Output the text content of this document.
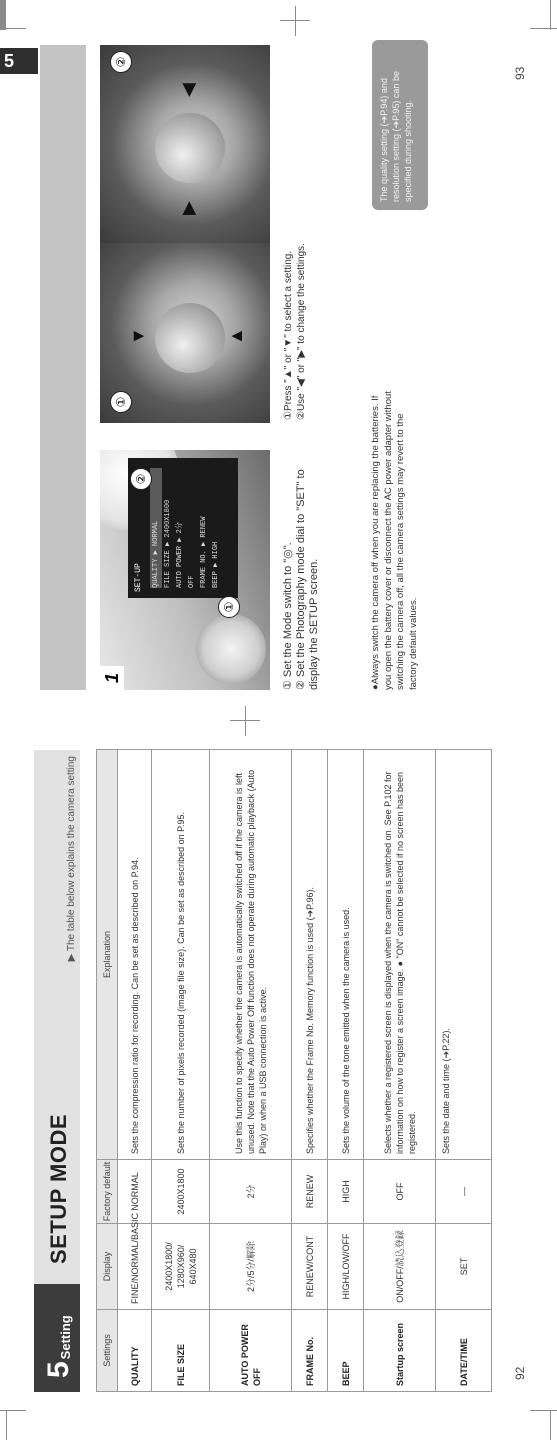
5
Setting
SETUP MODE
▶ The table below explains the camera setting
Settings	Display	Factory default	Explanation
QUALITY	FINE/NORMAL/BASIC	NORMAL	Sets the compression ratio for recording. Can be set as described on P.94.
FILE SIZE	2400X1800/ 1280X960/ 640X480	2400X1800	Sets the number of pixels recorded (image file size). Can be set as described on P.95.
AUTO POWER OFF	2分/5分/解除	2分	Use this function to specify whether the camera is automatically switched off if the camera is left unused. Note that the Auto Power Off function does not operate during automatic playback (Auto Play) or when a USB connection is active.
FRAME No.	RENEW/CONT	RENEW	Specifies whether the Frame No. Memory function is used (➔P.96).
BEEP	HIGH/LOW/OFF	HIGH	Sets the volume of the tone emitted when the camera is used.
Startup screen	ON/OFF/読込登録	OFF	Selects whether a registered screen is displayed when the camera is switched on. See P.102 for information on how to register a screen image. ● "ON" cannot be selected if no screen has been registered.
DATE/TIME	SET	—	Sets the date and time (➔P.22).
92
5
1
SET-UP QUALITY ▶ NORMAL FILE SIZE ▶ 2400X1800 AUTO POWER ▶ 2分 OFF FRAME NO. ▶ RENEW BEEP ▶ HIGH
①
②
①
▼	▲
②
▶
◀
① Set the Mode switch to "◎". ② Set the Photography mode dial to "SET" to display the SETUP screen.
①Press "▲" or "▼" to select a setting. ②Use "◀" or "▶" to change the settings.
●Always switch the camera off when you are replacing the batteries. If you open the battery cover or disconnect the AC power adapter without switching the camera off, all the camera settings may revert to the factory default values.
The quality setting (➔P.94) and resolution setting (➔P.95) can be specified during shooting.
93
